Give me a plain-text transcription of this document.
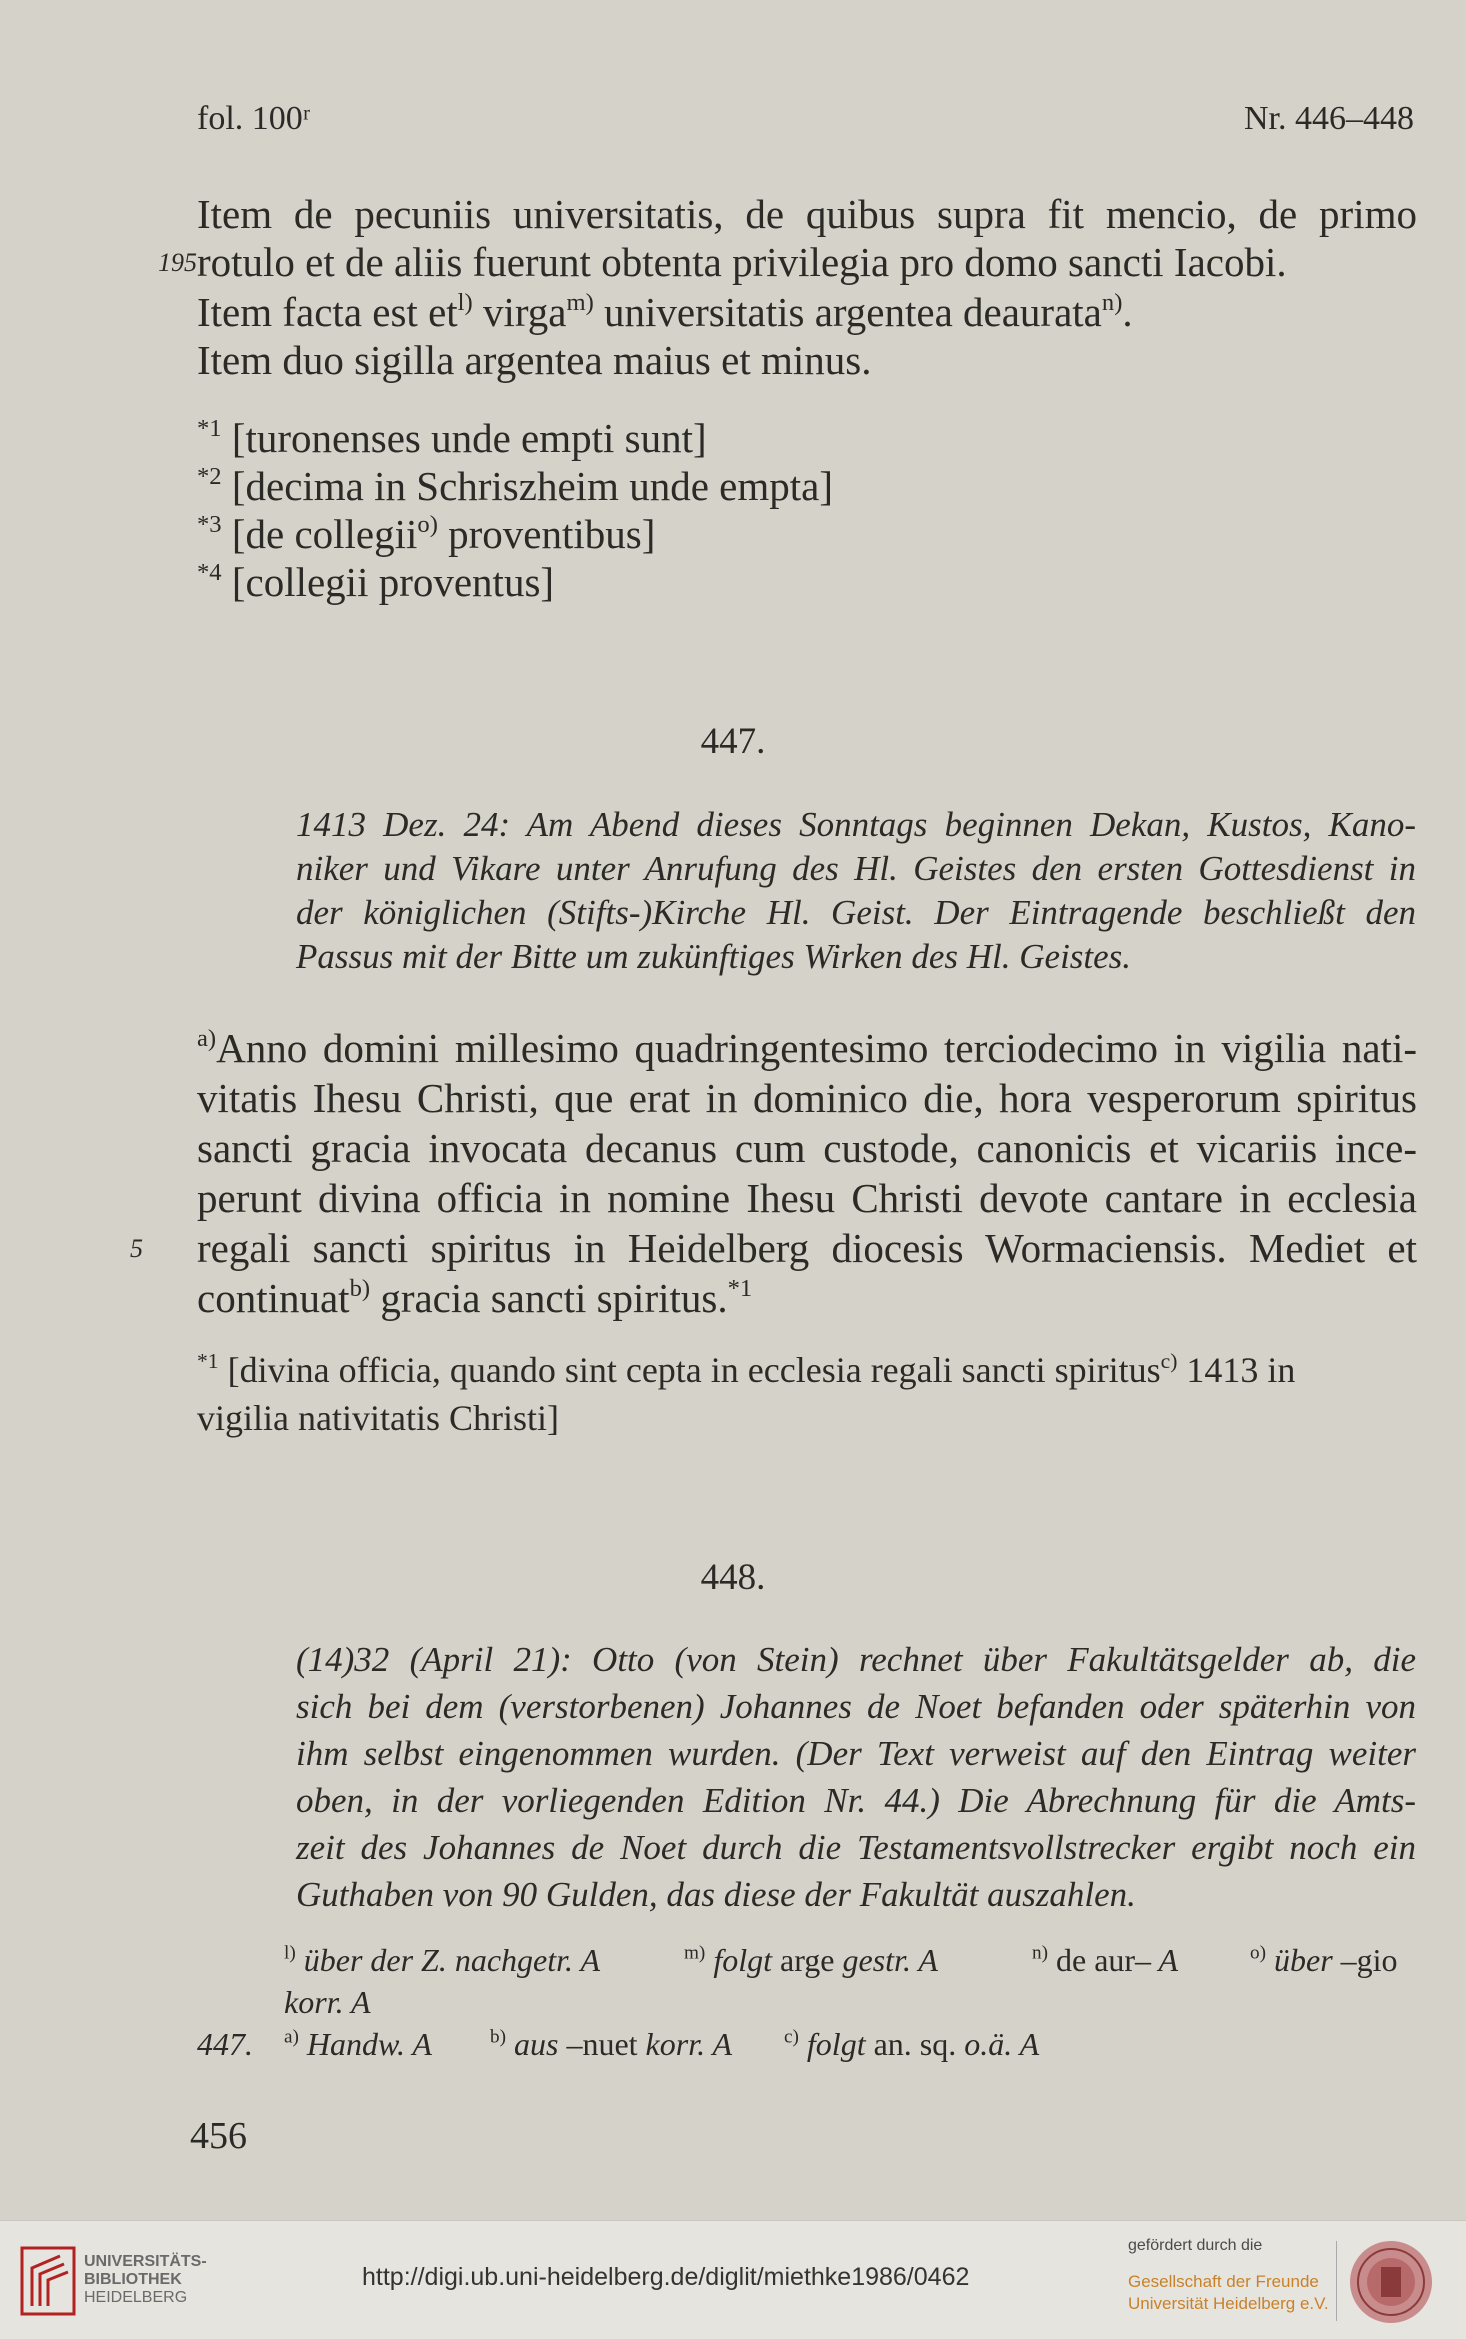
fol. 100ʳ	Nr. 446–448
Item de pecuniis universitatis, de quibus supra fit mencio, de primo
195 rotulo et de aliis fuerunt obtenta privilegia pro domo sancti Iacobi.
Item facta est $et^{l)}$ virga$^{m)}$ universitatis argentea deaurata$^{n)}$.
Item duo sigilla argentea maius et minus.
$^{*1}$ [turonenses unde empti sunt]
$^{*2}$ [decima in Schriszheim unde empta]
$^{*3}$ [de collegii$^{o)}$ proventibus]
$^{*4}$ [collegii proventus]
447.
1413 Dez. 24: Am Abend dieses Sonntags beginnen Dekan, Kustos, Kano-
niker und Vikare unter Anrufung des Hl. Geistes den ersten Gottesdienst in
der königlichen (Stifts-)Kirche Hl. Geist. Der Eintragende beschließt den
Passus mit der Bitte um zukünftiges Wirken des Hl. Geistes.
$^{a)}$Anno domini millesimo quadringentesimo terciodecimo in vigilia nati-
vitatis Ihesu Christi, que erat in dominico die, hora vesperorum spiritus
sancti gracia invocata decanus cum custode, canonicis et vicariis ince-
perunt divina officia in nomine Ihesu Christi devote cantare in ecclesia
5 regali sancti spiritus in Heidelberg diocesis Wormaciensis. Mediet et
continuat$^{b)}$ gracia sancti spiritus.$^{*1}$
$^{*1}$ [divina officia, quando sint cepta in ecclesia regali sancti spiritus$^{c)}$ 1413 in
vigilia nativitatis Christi]
448.
(14)32 (April 21): Otto (von Stein) rechnet über Fakultätsgelder ab, die
sich bei dem (verstorbenen) Johannes de Noet befanden oder späterhin von
ihm selbst eingenommen wurden. (Der Text verweist auf den Eintrag weiter
oben, in der vorliegenden Edition Nr. 44.) Die Abrechnung für die Amts-
zeit des Johannes de Noet durch die Testamentsvollstrecker ergibt noch ein
Guthaben von 90 Gulden, das diese der Fakultät auszahlen.
$^{l)}$ über der Z. nachgetr. A	$^{m)}$ folgt arge gestr. A	$^{n)}$ de aur– A	$^{o)}$ über –gio
korr. A
447. $^{a)}$ Handw. A	$^{b)}$ aus –nuet korr. A	$^{c)}$ folgt an. sq. o.ä. A
456
UNIVERSITÄTS-
BIBLIOTHEK
HEIDELBERG
http://digi.ub.uni-heidelberg.de/diglit/miethke1986/0462
gefördert durch die
Gesellschaft der Freunde
Universität Heidelberg e.V.
